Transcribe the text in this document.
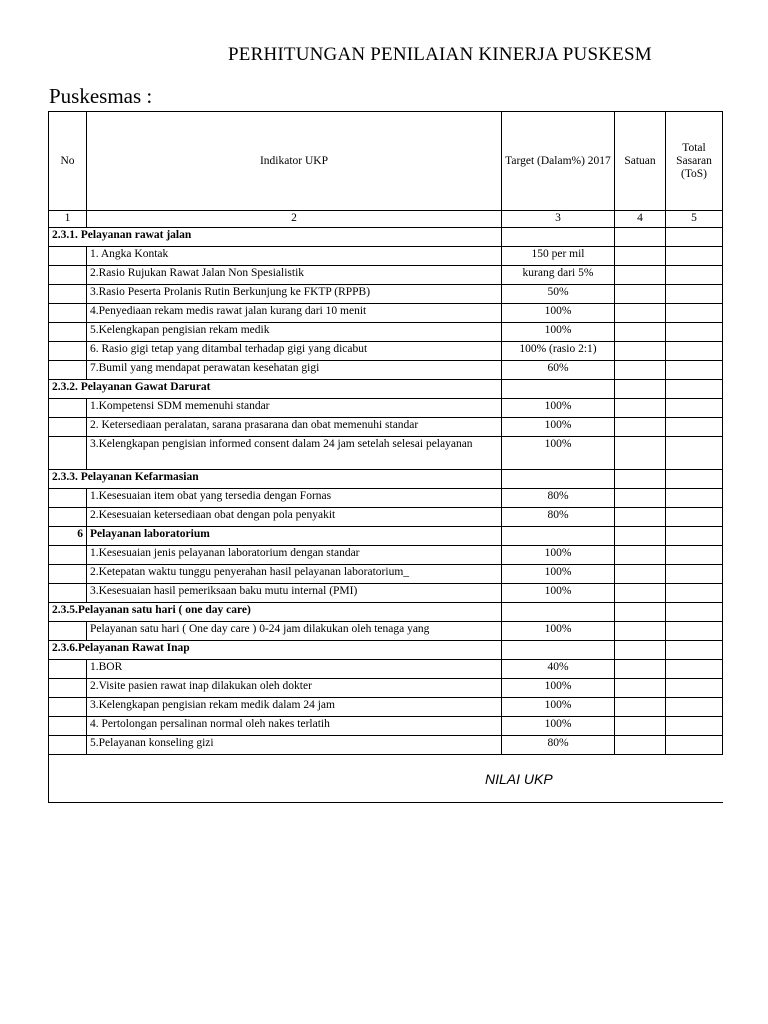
PERHITUNGAN PENILAIAN KINERJA PUSKESM
Puskesmas :
No	Indikator UKP	Target (Dalam%) 2017	Satuan	Total Sasaran (ToS)
1	2	3	4	5
2.3.1. Pelayanan rawat jalan				
	1. Angka Kontak	150 per mil		
	2.Rasio Rujukan Rawat Jalan Non Spesialistik	kurang dari 5%		
	3.Rasio Peserta Prolanis Rutin Berkunjung ke FKTP (RPPB)	50%		
	4.Penyediaan rekam medis rawat jalan kurang dari 10 menit	100%		
	5.Kelengkapan pengisian rekam medik	100%		
	6. Rasio gigi tetap yang ditambal terhadap gigi yang dicabut	100% (rasio 2:1)		
	7.Bumil yang mendapat perawatan kesehatan gigi	60%		
2.3.2. Pelayanan Gawat Darurat				
	1.Kompetensi SDM memenuhi standar	100%		
	2. Ketersediaan peralatan, sarana prasarana dan obat memenuhi standar	100%		
	3.Kelengkapan pengisian informed consent dalam 24 jam setelah selesai pelayanan	100%		
2.3.3. Pelayanan Kefarmasian				
	1.Kesesuaian item obat yang tersedia dengan Fornas	80%		
	2.Kesesuaian ketersediaan obat dengan pola penyakit	80%		
6	Pelayanan laboratorium			
	1.Kesesuaian jenis pelayanan laboratorium dengan standar	100%		
	2.Ketepatan waktu tunggu penyerahan hasil pelayanan laboratorium_	100%		
	3.Kesesuaian hasil pemeriksaan baku mutu internal (PMI)	100%		
2.3.5.Pelayanan satu hari ( one day care)				
	Pelayanan satu hari ( One day care ) 0-24 jam dilakukan oleh tenaga yang	100%		
2.3.6.Pelayanan Rawat Inap				
	1.BOR	40%		
	2.Visite pasien rawat inap dilakukan oleh dokter	100%		
	3.Kelengkapan pengisian rekam medik dalam 24 jam	100%		
	4. Pertolongan persalinan normal oleh nakes terlatih	100%		
	5.Pelayanan konseling gizi	80%		

NILAI UKP
